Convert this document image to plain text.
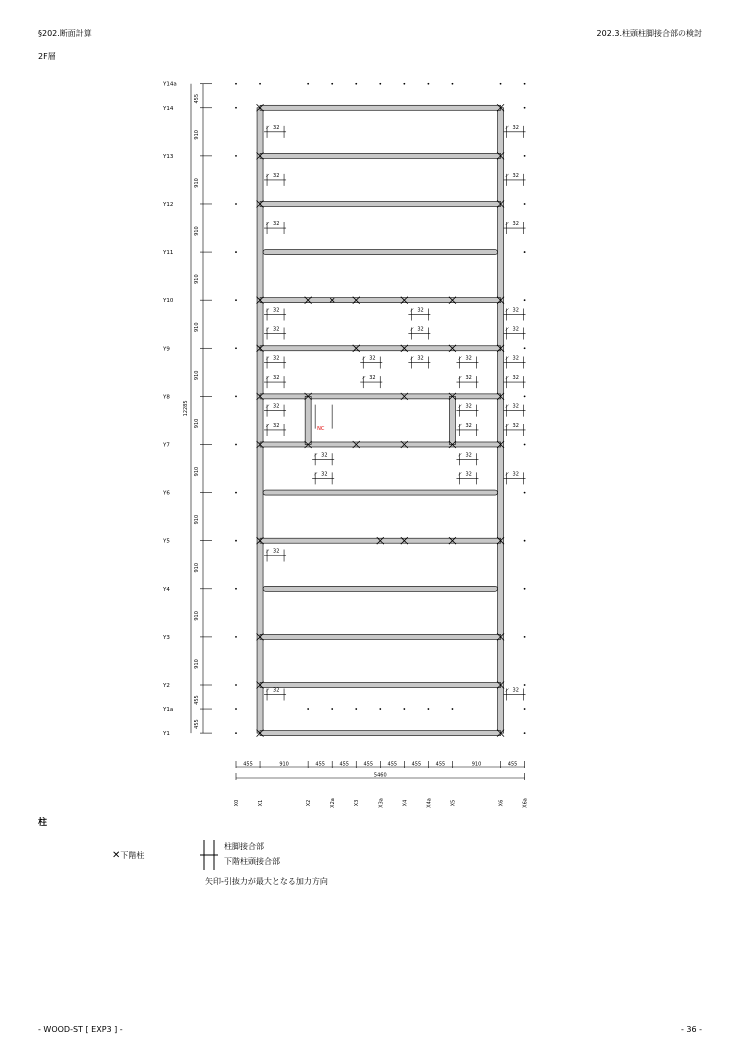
§202.断面計算	202.3.柱頭柱脚接合部の検討
2F層
Y14a
Y14
Y13
Y12
Y11
Y10
Y9
Y8
Y7
Y6
Y5
Y4
Y3
Y2
Y1a
Y1
455
910
910
910
910
910
910
910
910
910
910
910
910
455
455
12285
32
32
32
32
32
32
32
32
32
32
32
32
32
32
32
32
32
32
32
32
32
32
32
32
32
32
32	32
32
32
32
32
32
32
32
NC
455	910	455	455	455	455	455	455	910	455
5460
X0	X1	X2	X2a	X3	X3a	X4	X4a	X5	X6	X6a
柱
✕下階柱
柱脚接合部
下階柱頭接合部
矢印-引抜力が最大となる加力方向
- WOOD-ST [ EXP3 ] -	- 36 -
